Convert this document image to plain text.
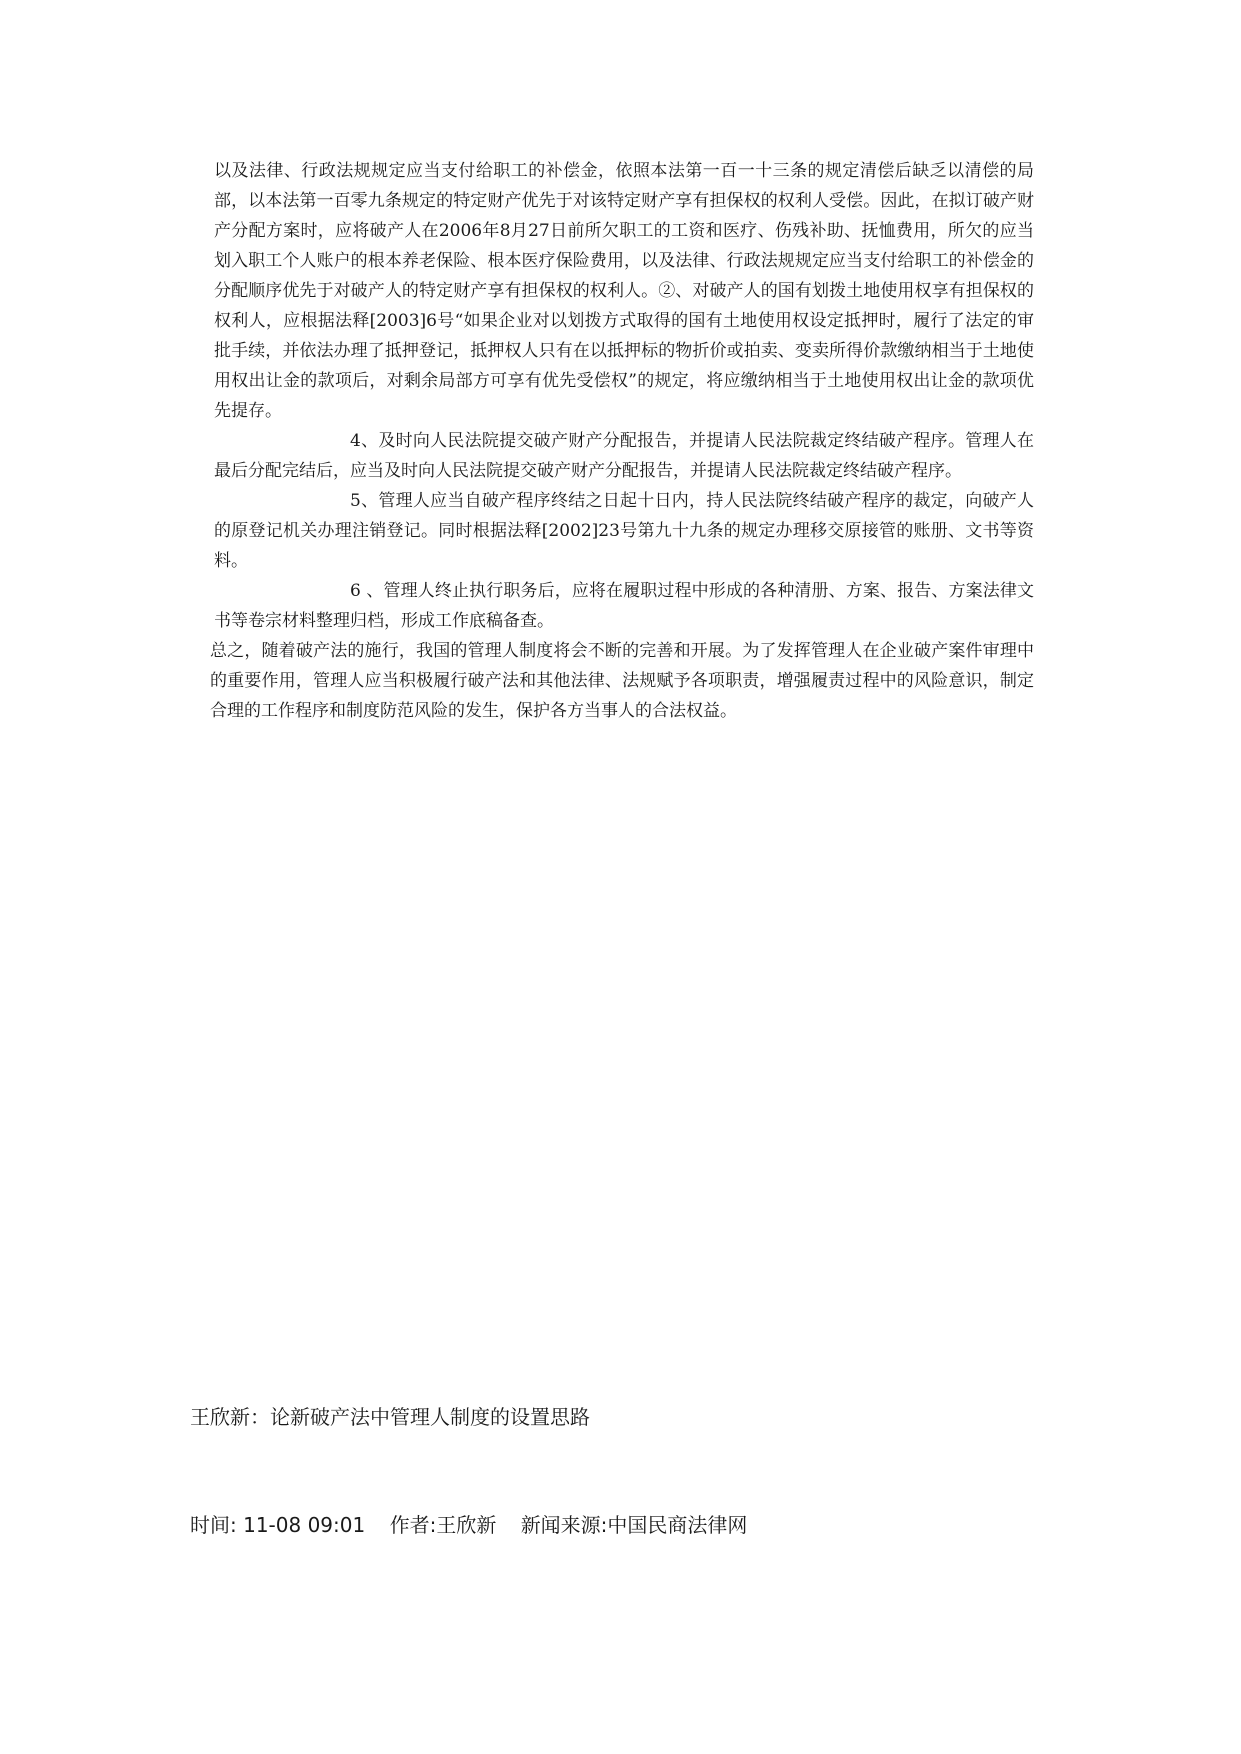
以及法律、行政法规规定应当支付给职工的补偿金，依照本法第一百一十三条的规定清偿后缺乏以清偿的局部，以本法第一百零九条规定的特定财产优先于对该特定财产享有担保权的权利人受偿。因此，在拟订破产财产分配方案时，应将破产人在2006年8月27日前所欠职工的工资和医疗、伤残补助、抚恤费用，所欠的应当划入职工个人账户的根本养老保险、根本医疗保险费用，以及法律、行政法规规定应当支付给职工的补偿金的分配顺序优先于对破产人的特定财产享有担保权的权利人。②、对破产人的国有划拨土地使用权享有担保权的权利人，应根据法释[2003]6号“如果企业对以划拨方式取得的国有土地使用权设定抵押时，履行了法定的审批手续，并依法办理了抵押登记，抵押权人只有在以抵押标的物折价或拍卖、变卖所得价款缴纳相当于土地使用权出让金的款项后，对剩余局部方可享有优先受偿权”的规定，将应缴纳相当于土地使用权出让金的款项优先提存。

4、及时向人民法院提交破产财产分配报告，并提请人民法院裁定终结破产程序。管理人在最后分配完结后，应当及时向人民法院提交破产财产分配报告，并提请人民法院裁定终结破产程序。

5、管理人应当自破产程序终结之日起十日内，持人民法院终结破产程序的裁定，向破产人的原登记机关办理注销登记。同时根据法释[2002]23号第九十九条的规定办理移交原接管的账册、文书等资料。

6 、管理人终止执行职务后，应将在履职过程中形成的各种清册、方案、报告、方案法律文书等卷宗材料整理归档，形成工作底稿备查。

总之，随着破产法的施行，我国的管理人制度将会不断的完善和开展。为了发挥管理人在企业破产案件审理中的重要作用，管理人应当积极履行破产法和其他法律、法规赋予各项职责，增强履责过程中的风险意识，制定合理的工作程序和制度防范风险的发生，保护各方当事人的合法权益。

王欣新：论新破产法中管理人制度的设置思路
时间: 11-08 09:01 作者:王欣新 新闻来源:中国民商法律网
